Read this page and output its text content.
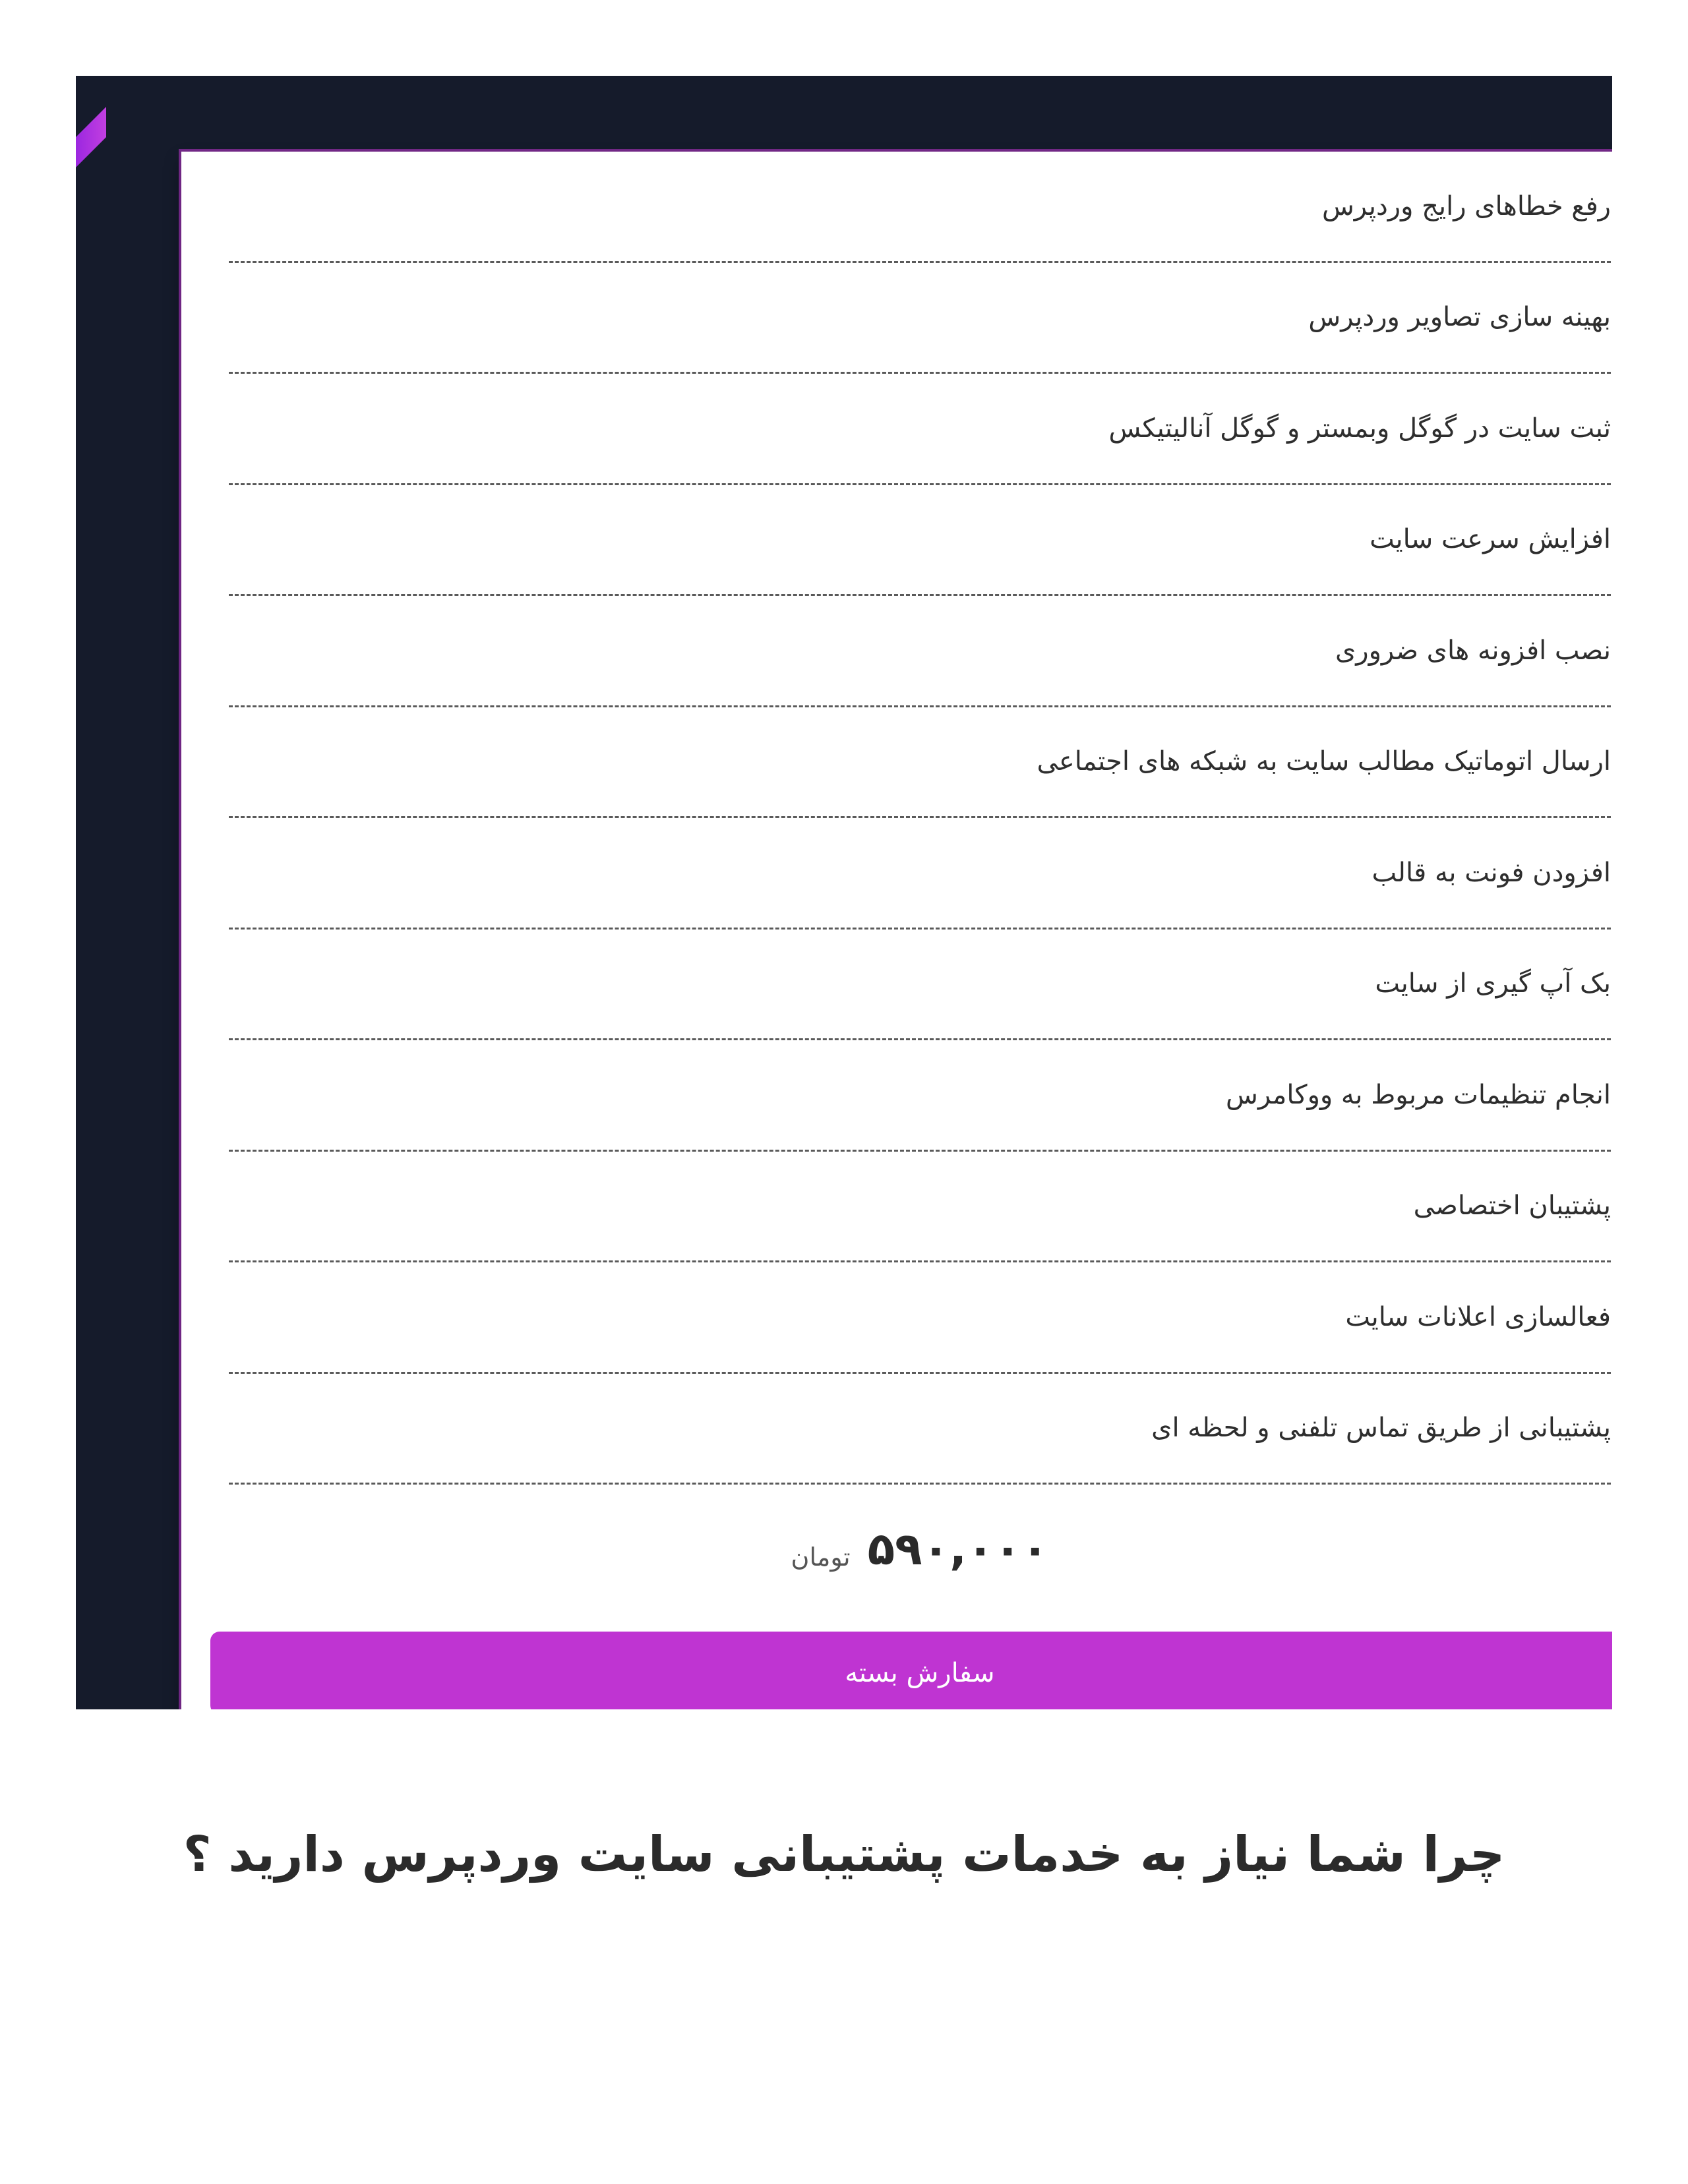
رفع خطاهای رایج وردپرس
بهینه سازی تصاویر وردپرس
ثبت سایت در گوگل وبمستر و گوگل آنالیتیکس
افزایش سرعت سایت
نصب افزونه های ضروری
ارسال اتوماتیک مطالب سایت به شبکه های اجتماعی
افزودن فونت به قالب
بک آپ گیری از سایت
انجام تنظیمات مربوط به ووکامرس
پشتیبان اختصاصی
فعالسازی اعلانات سایت
پشتیبانی از طریق تماس تلفنی و لحظه ای
۵۹۰,۰۰۰
تومان
سفارش بسته
چرا شما نیاز به خدمات پشتیبانی سایت وردپرس دارید ؟
